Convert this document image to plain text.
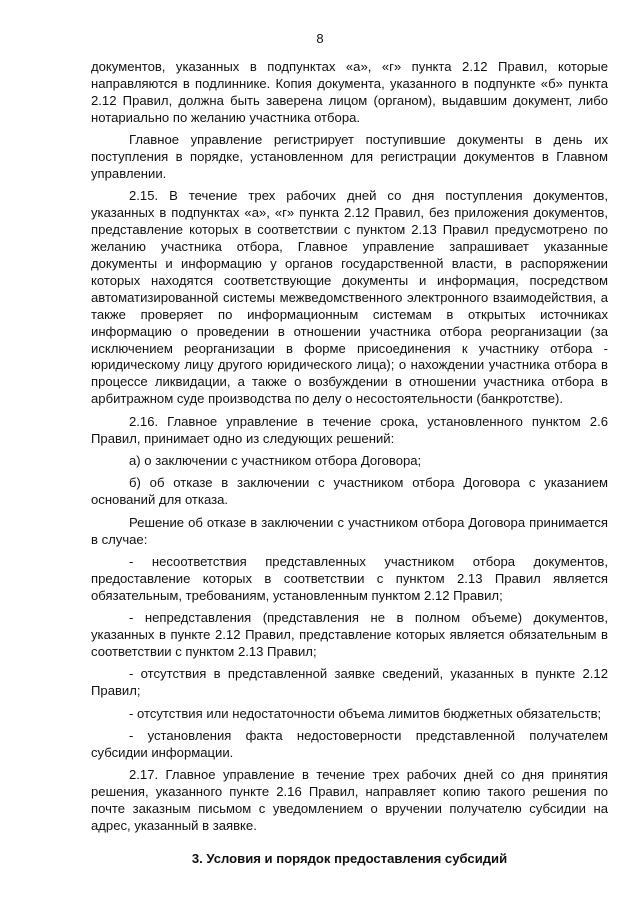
8

документов, указанных в подпунктах «а», «г» пункта 2.12 Правил, которые направляются в подлиннике. Копия документа, указанного в подпункте «б» пункта 2.12 Правил, должна быть заверена лицом (органом), выдавшим документ, либо нотариально по желанию участника отбора.

Главное управление регистрирует поступившие документы в день их поступления в порядке, установленном для регистрации документов в Главном управлении.

2.15. В течение трех рабочих дней со дня поступления документов, указанных в подпунктах «а», «г» пункта 2.12 Правил, без приложения документов, представление которых в соответствии с пунктом 2.13 Правил предусмотрено по желанию участника отбора, Главное управление запрашивает указанные документы и информацию у органов государственной власти, в распоряжении которых находятся соответствующие документы и информация, посредством автоматизированной системы межведомственного электронного взаимодействия, а также проверяет по информационным системам в открытых источниках информацию о проведении в отношении участника отбора реорганизации (за исключением реорганизации в форме присоединения к участнику отбора - юридическому лицу другого юридического лица); о нахождении участника отбора в процессе ликвидации, а также о возбуждении в отношении участника отбора в арбитражном суде производства по делу о несостоятельности (банкротстве).

2.16. Главное управление в течение срока, установленного пунктом 2.6 Правил, принимает одно из следующих решений:

а) о заключении с участником отбора Договора;

б) об отказе в заключении с участником отбора Договора с указанием оснований для отказа.

Решение об отказе в заключении с участником отбора Договора принимается в случае:

- несоответствия представленных участником отбора документов, предоставление которых в соответствии с пунктом 2.13 Правил является обязательным, требованиям, установленным пунктом 2.12 Правил;

- непредставления (представления не в полном объеме) документов, указанных в пункте 2.12 Правил, представление которых является обязательным в соответствии с пунктом 2.13 Правил;

- отсутствия в представленной заявке сведений, указанных в пункте 2.12 Правил;

- отсутствия или недостаточности объема лимитов бюджетных обязательств;

- установления факта недостоверности представленной получателем субсидии информации.

2.17. Главное управление в течение трех рабочих дней со дня принятия решения, указанного пункте 2.16 Правил, направляет копию такого решения по почте заказным письмом с уведомлением о вручении получателю субсидии на адрес, указанный в заявке.

3. Условия и порядок предоставления субсидий
